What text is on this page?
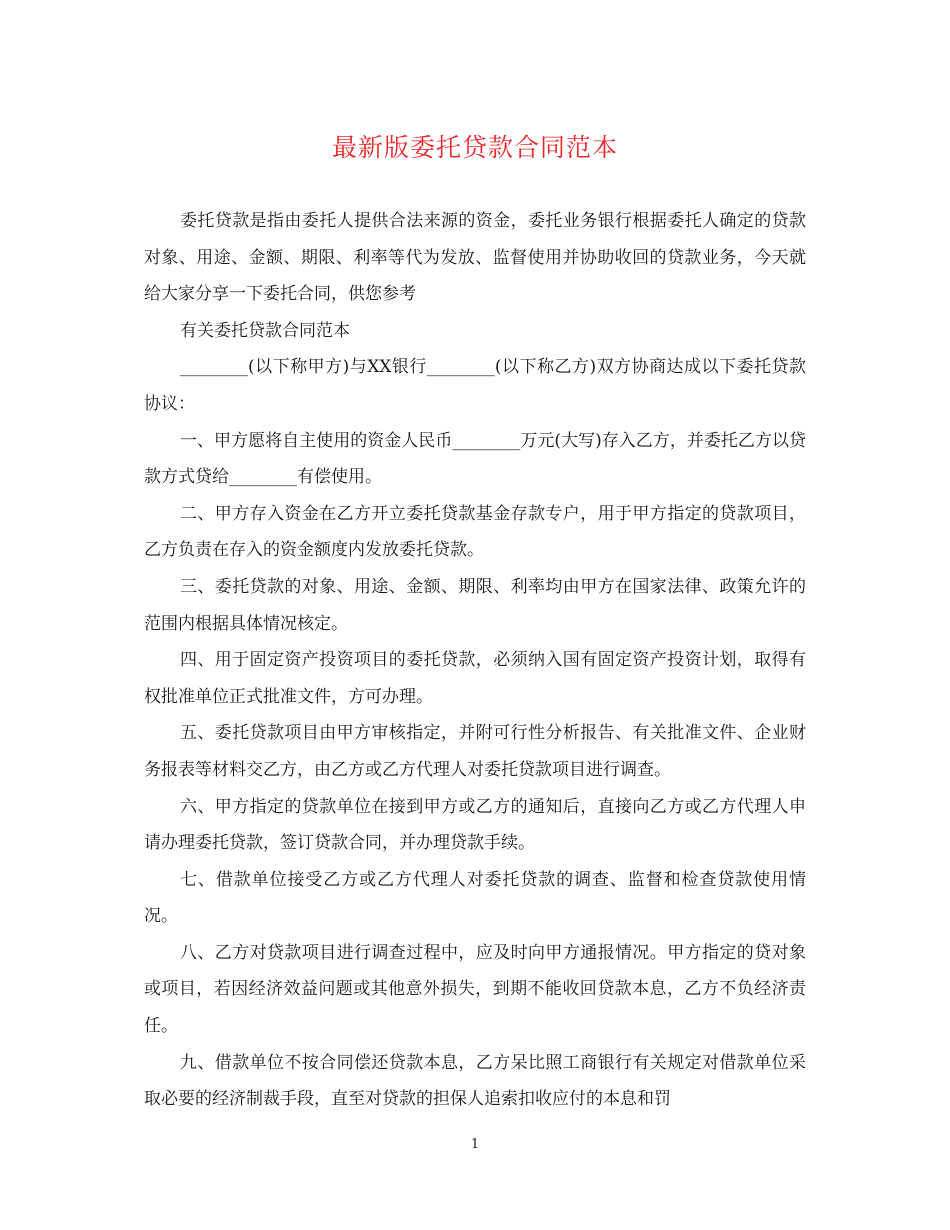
最新版委托贷款合同范本

委托贷款是指由委托人提供合法来源的资金，委托业务银行根据委托人确定的贷款对象、用途、金额、期限、利率等代为发放、监督使用并协助收回的贷款业务，今天就给大家分享一下委托合同，供您参考

有关委托贷款合同范本

________(以下称甲方)与XX银行________(以下称乙方)双方协商达成以下委托贷款协议：

一、甲方愿将自主使用的资金人民币________万元(大写)存入乙方，并委托乙方以贷款方式贷给________有偿使用。

二、甲方存入资金在乙方开立委托贷款基金存款专户，用于甲方指定的贷款项目，乙方负责在存入的资金额度内发放委托贷款。

三、委托贷款的对象、用途、金额、期限、利率均由甲方在国家法律、政策允许的范围内根据具体情况核定。

四、用于固定资产投资项目的委托贷款，必须纳入国有固定资产投资计划，取得有权批准单位正式批准文件，方可办理。

五、委托贷款项目由甲方审核指定，并附可行性分析报告、有关批准文件、企业财务报表等材料交乙方，由乙方或乙方代理人对委托贷款项目进行调查。

六、甲方指定的贷款单位在接到甲方或乙方的通知后，直接向乙方或乙方代理人申请办理委托贷款，签订贷款合同，并办理贷款手续。

七、借款单位接受乙方或乙方代理人对委托贷款的调查、监督和检查贷款使用情况。

八、乙方对贷款项目进行调查过程中，应及时向甲方通报情况。甲方指定的贷对象或项目，若因经济效益问题或其他意外损失，到期不能收回贷款本息，乙方不负经济责任。

九、借款单位不按合同偿还贷款本息，乙方呆比照工商银行有关规定对借款单位采取必要的经济制裁手段，直至对贷款的担保人追索扣收应付的本息和罚

1
